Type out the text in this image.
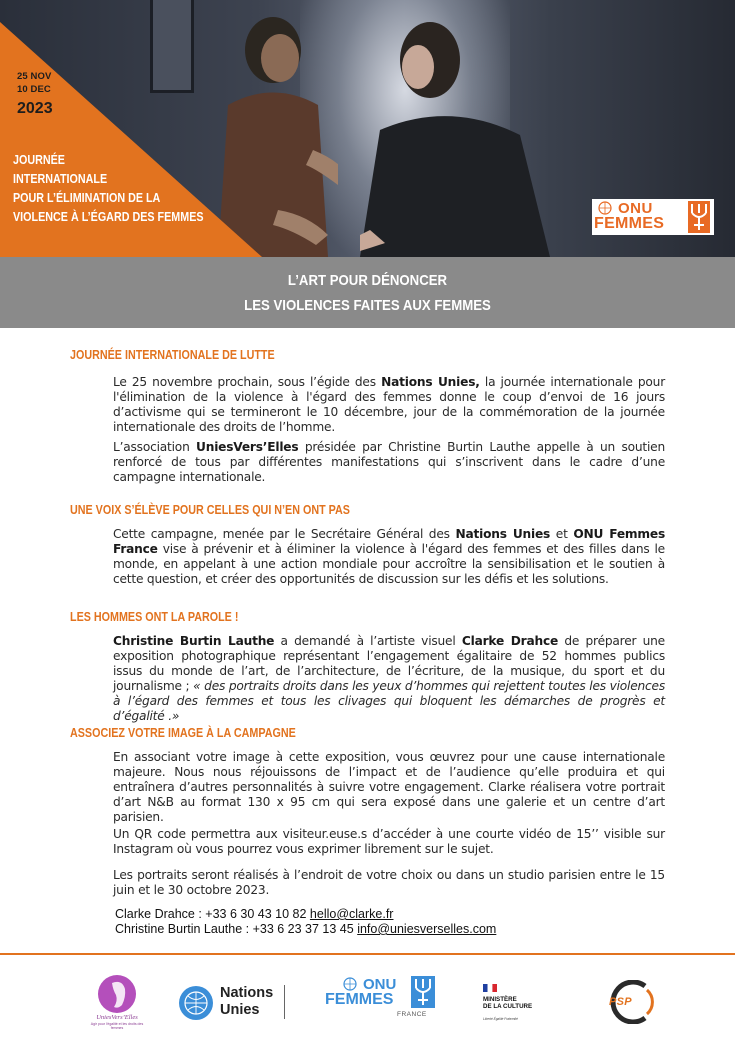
25 NOV
10 DEC
2023
JOURNÉE
INTERNATIONALE
POUR L’ÉLIMINATION DE LA
VIOLENCE À L’ÉGARD DES FEMMES	ONU
FEMMES
L’ART POUR DÉNONCER
LES VIOLENCES FAITES AUX FEMMES
JOURNÉE INTERNATIONALE DE LUTTE
Le 25 novembre prochain, sous l’égide des Nations Unies, la journée internationale pour l'élimination de la violence à l'égard des femmes donne le coup d’envoi de 16 jours d’activisme qui se termineront le 10 décembre, jour de la commémoration de la journée internationale des droits de l’homme.
L’association UniesVers’Elles présidée par Christine Burtin Lauthe appelle à un soutien renforcé de tous par différentes manifestations qui s’inscrivent dans le cadre d’une campagne internationale.
UNE VOIX S’ÉLÈVE POUR CELLES QUI N’EN ONT PAS
Cette campagne, menée par le Secrétaire Général des Nations Unies et ONU Femmes France vise à prévenir et à éliminer la violence à l'égard des femmes et des filles dans le monde, en appelant à une action mondiale pour accroître la sensibilisation et le soutien à cette question, et créer des opportunités de discussion sur les défis et les solutions.
LES HOMMES ONT LA PAROLE !
Christine Burtin Lauthe a demandé à l’artiste visuel Clarke Drahce de préparer une exposition photographique représentant l’engagement égalitaire de 52 hommes publics issus du monde de l’art, de l’architecture, de l’écriture, de la musique, du sport et du journalisme ; « des portraits droits dans les yeux d’hommes qui rejettent toutes les violences à l’égard des femmes et tous les clivages qui bloquent les démarches de progrès et d’égalité .»
ASSOCIEZ VOTRE IMAGE À LA CAMPAGNE
En associant votre image à cette exposition, vous œuvrez pour une cause internationale majeure. Nous nous réjouissons de l’impact et de l’audience qu’elle produira et qui entraînera d’autres personnalités à suivre votre engagement. Clarke réalisera votre portrait d’art N&B au format 130 x 95 cm qui sera exposé dans une galerie et un centre d’art parisien.
Un QR code permettra aux visiteur.euse.s d’accéder à une courte vidéo de 15’’ visible sur Instagram où vous pourrez vous exprimer librement sur le sujet.
Les portraits seront réalisés à l’endroit de votre choix ou dans un studio parisien entre le 15 juin et le 30 octobre 2023.
Clarke Drahce : +33 6 30 43 10 82 hello@clarke.fr
Christine Burtin Lauthe : +33 6 23 37 13 45 info@uniesverselles.com
UniesVers’Elles
Agir pour l'égalité et les droits des femmes
Nations
Unies
ONU
FEMMES
FRANCE
MINISTÈRE
DE LA CULTURE
Liberté Égalité Fraternité
PSP
